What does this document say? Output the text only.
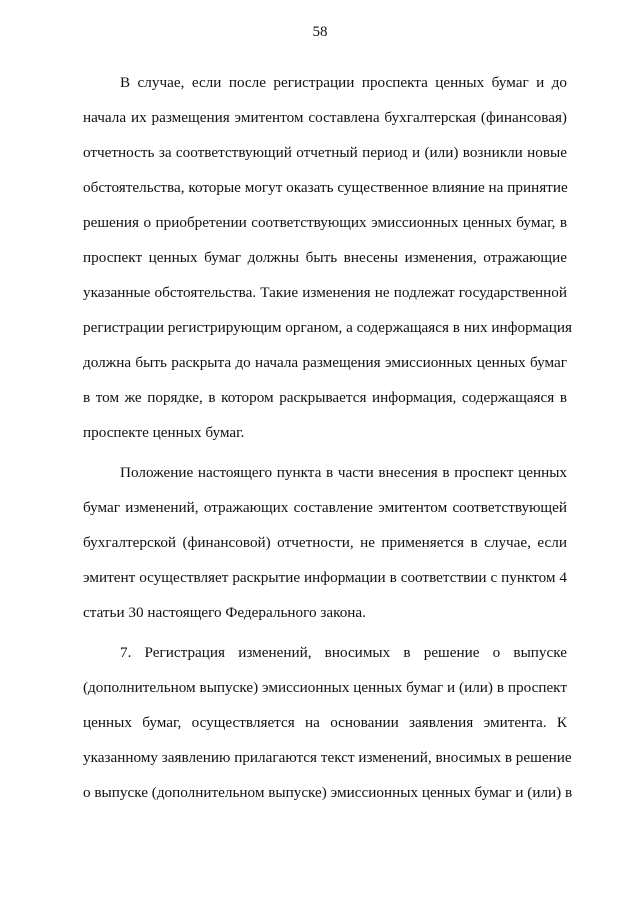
58
В случае, если после регистрации проспекта ценных бумаг и до
начала их размещения эмитентом составлена бухгалтерская (финансовая)
отчетность за соответствующий отчетный период и (или) возникли новые
обстоятельства, которые могут оказать существенное влияние на принятие
решения о приобретении соответствующих эмиссионных ценных бумаг, в
проспект ценных бумаг должны быть внесены изменения, отражающие
указанные обстоятельства. Такие изменения не подлежат государственной
регистрации регистрирующим органом, а содержащаяся в них информация
должна быть раскрыта до начала размещения эмиссионных ценных бумаг
в том же порядке, в котором раскрывается информация, содержащаяся в
проспекте ценных бумаг.
Положение настоящего пункта в части внесения в проспект ценных
бумаг изменений, отражающих составление эмитентом соответствующей
бухгалтерской (финансовой) отчетности, не применяется в случае, если
эмитент осуществляет раскрытие информации в соответствии с пунктом 4
статьи 30 настоящего Федерального закона.
7. Регистрация изменений, вносимых в решение о выпуске
(дополнительном выпуске) эмиссионных ценных бумаг и (или) в проспект
ценных бумаг, осуществляется на основании заявления эмитента. К
указанному заявлению прилагаются текст изменений, вносимых в решение
о выпуске (дополнительном выпуске) эмиссионных ценных бумаг и (или) в
